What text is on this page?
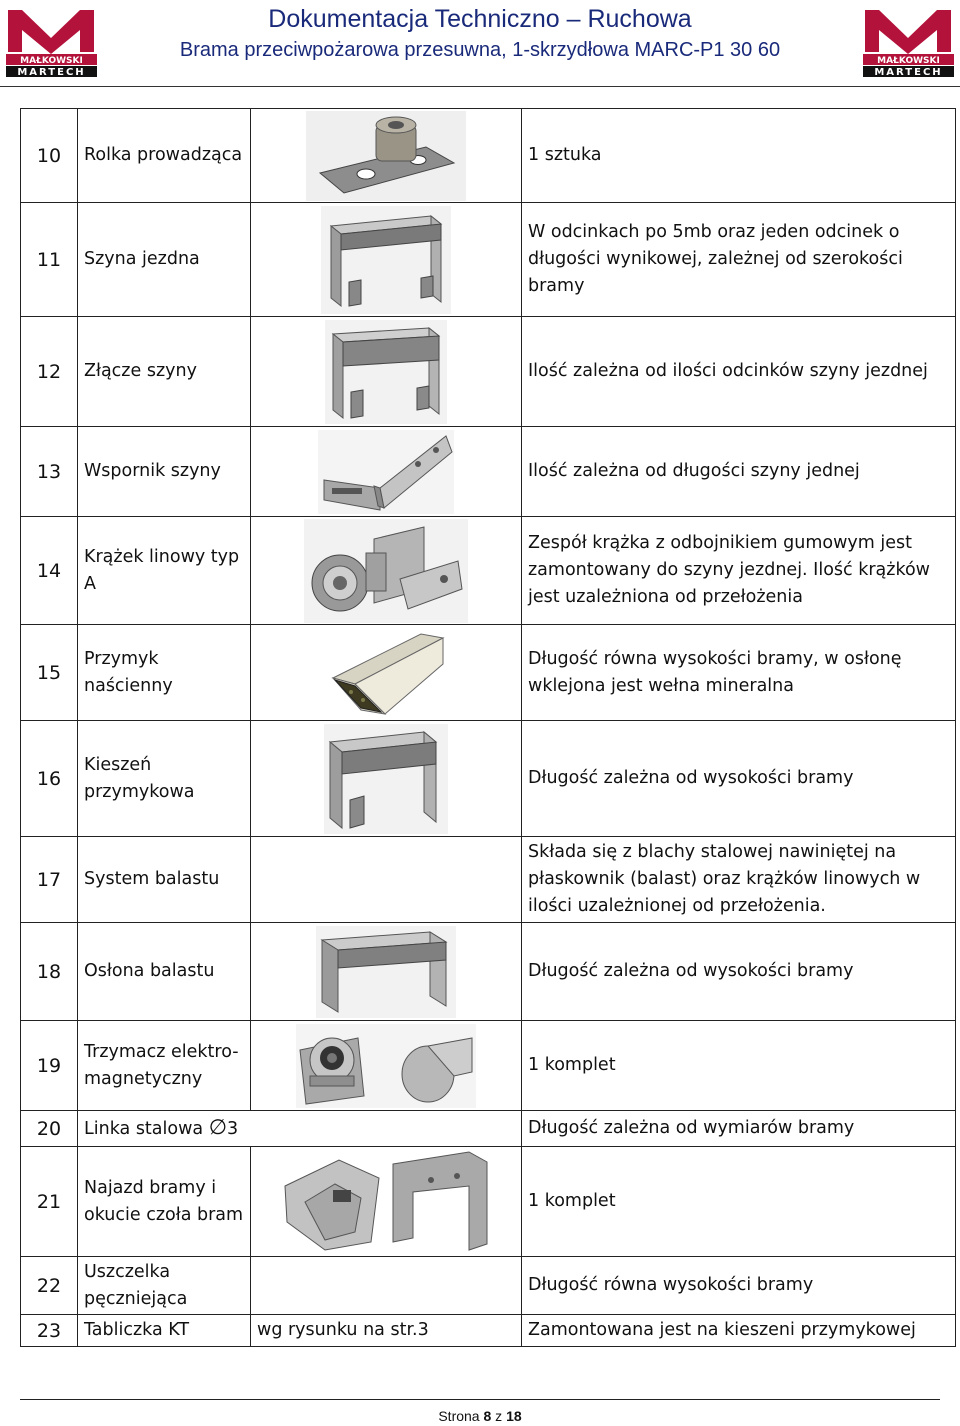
MAŁKOWSKI
MARTECH
Dokumentacja Techniczno – Ruchowa
Brama przeciwpożarowa przesuwna, 1-skrzydłowa MARC-P1 30 60	MAŁKOWSKI
MARTECH
10	Rolka prowadząca		1 sztuka
11	Szyna jezdna		W odcinkach po 5mb oraz jeden odcinek o długości wynikowej, zależnej od szerokości bramy
12	Złącze szyny		Ilość zależna od ilości odcinków szyny jezdnej
13	Wspornik szyny		Ilość zależna od długości szyny jednej
14	Krążek linowy typ A		Zespół krążka z odbojnikiem gumowym jest zamontowany do szyny jezdnej. Ilość krążków jest uzależniona od przełożenia
15	Przymyk naścienny		Długość równa wysokości bramy, w osłonę wklejona jest wełna mineralna
16	Kieszeń przymykowa		Długość zależna od wysokości bramy
17	System balastu		Składa się z blachy stalowej nawiniętej na płaskownik (balast) oraz krążków linowych w ilości uzależnionej od przełożenia.
18	Osłona balastu		Długość zależna od wysokości bramy
19	Trzymacz elektro-magnetyczny		1 komplet
20	Linka stalowa ∅3		Długość zależna od wymiarów bramy
21	Najazd bramy i okucie czoła bram		1 komplet
22	Uszczelka pęczniejąca		Długość równa wysokości bramy
23	Tabliczka KT	wg rysunku na str.3	Zamontowana jest na kieszeni przymykowej
Strona 8 z 18
